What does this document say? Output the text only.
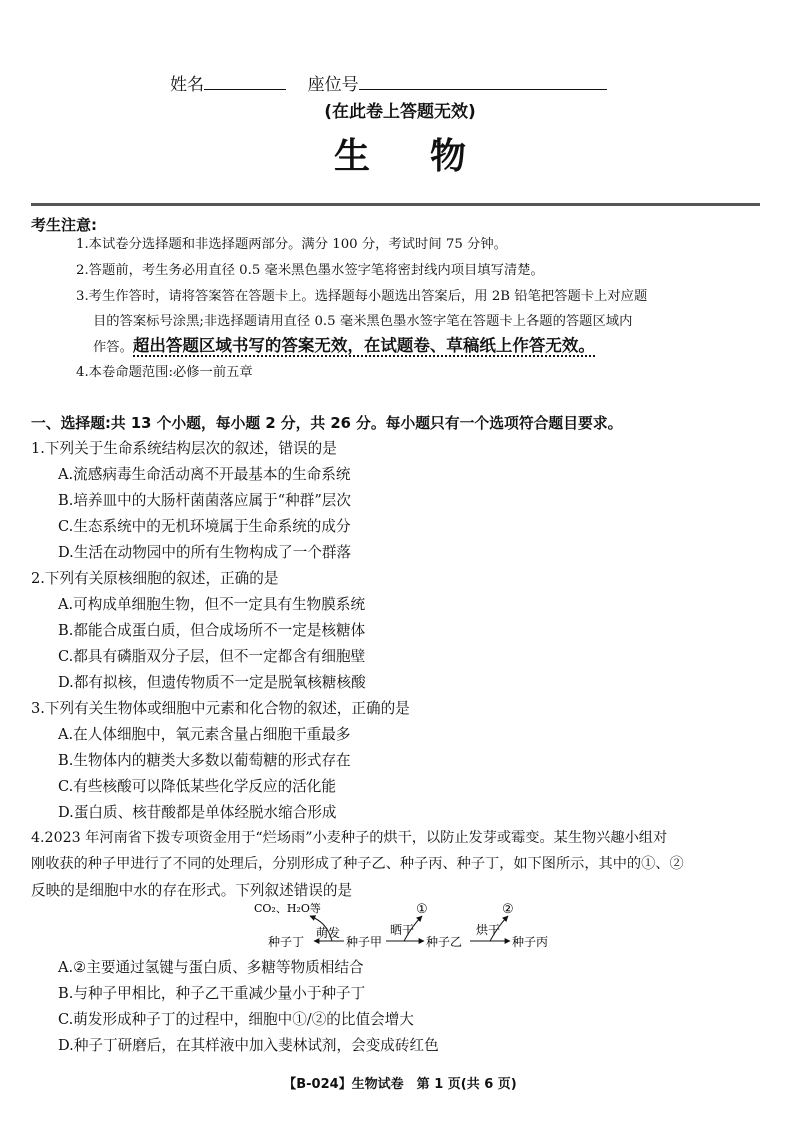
姓名	座位号
(在此卷上答题无效)
生物
考生注意:
1.本试卷分选择题和非选择题两部分。满分 100 分，考试时间 75 分钟。
2.答题前，考生务必用直径 0.5 毫米黑色墨水签字笔将密封线内项目填写清楚。
3.考生作答时，请将答案答在答题卡上。选择题每小题选出答案后，用 2B 铅笔把答题卡上对应题
目的答案标号涂黑;非选择题请用直径 0.5 毫米黑色墨水签字笔在答题卡上各题的答题区域内
作答。超出答题区域书写的答案无效，在试题卷、草稿纸上作答无效。
4.本卷命题范围:必修一前五章
一、选择题:共 13 个小题，每小题 2 分，共 26 分。每小题只有一个选项符合题目要求。
1.下列关于生命系统结构层次的叙述，错误的是
A.流感病毒生命活动离不开最基本的生命系统
B.培养皿中的大肠杆菌菌落应属于“种群”层次
C.生态系统中的无机环境属于生命系统的成分
D.生活在动物园中的所有生物构成了一个群落
2.下列有关原核细胞的叙述，正确的是
A.可构成单细胞生物，但不一定具有生物膜系统
B.都能合成蛋白质，但合成场所不一定是核糖体
C.都具有磷脂双分子层，但不一定都含有细胞壁
D.都有拟核，但遗传物质不一定是脱氧核糖核酸
3.下列有关生物体或细胞中元素和化合物的叙述，正确的是
A.在人体细胞中，氧元素含量占细胞干重最多
B.生物体内的糖类大多数以葡萄糖的形式存在
C.有些核酸可以降低某些化学反应的活化能
D.蛋白质、核苷酸都是单体经脱水缩合形成
4.2023 年河南省下拨专项资金用于“烂场雨”小麦种子的烘干，以防止发芽或霉变。某生物兴趣小组对
刚收获的种子甲进行了不同的处理后，分别形成了种子乙、种子丙、种子丁，如下图所示，其中的①、②
反映的是细胞中水的存在形式。下列叙述错误的是
CO₂、H₂O等
种子丁
萌发
种子甲
晒干
①
种子乙
烘干
②
种子丙
A.②主要通过氢键与蛋白质、多糖等物质相结合
B.与种子甲相比，种子乙干重减少量小于种子丁
C.萌发形成种子丁的过程中，细胞中①/②的比值会增大
D.种子丁研磨后，在其样液中加入斐林试剂，会变成砖红色
【B-024】生物试卷　第 1 页(共 6 页)
